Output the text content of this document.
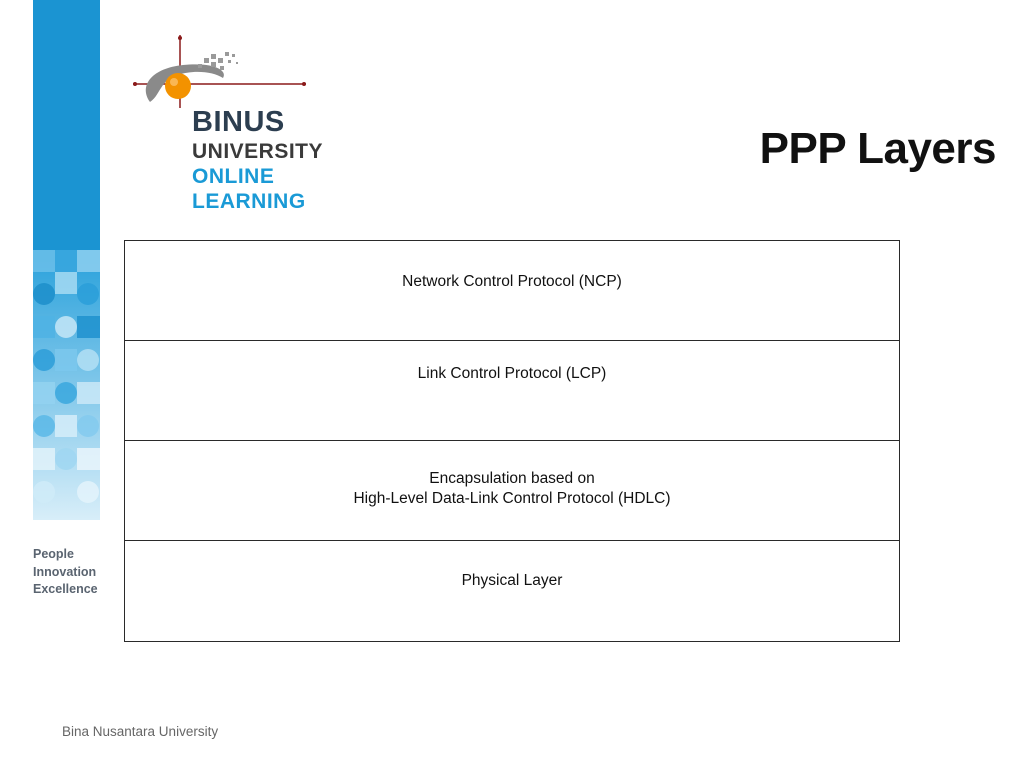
BINUS
UNIVERSITY
ONLINE
LEARNING
People
Innovation
Excellence
PPP Layers
Network Control Protocol (NCP)
Link Control Protocol (LCP)
Encapsulation based on
High-Level Data-Link Control Protocol (HDLC)
Physical Layer
Bina Nusantara University
